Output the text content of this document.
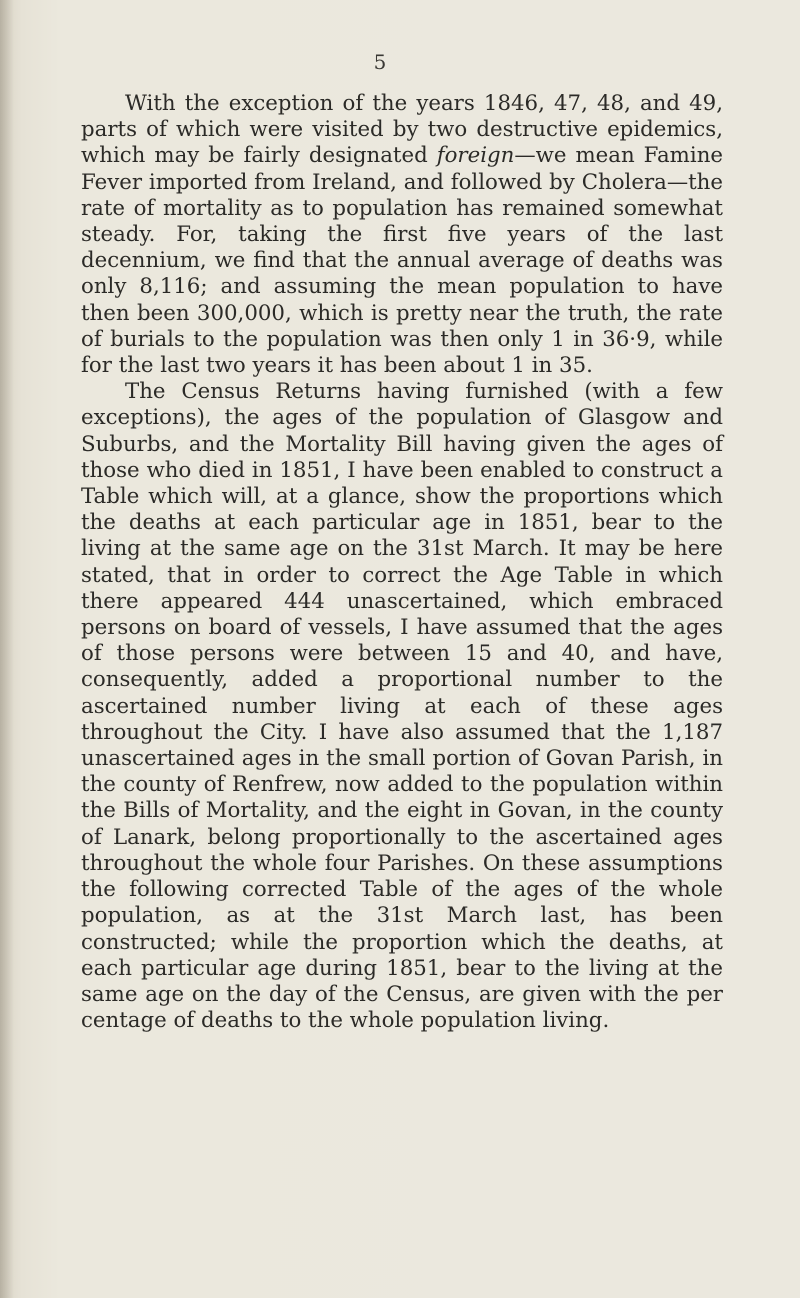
5

With the exception of the years 1846, 47, 48, and 49, parts of which were visited by two destructive epidemics, which may be fairly designated foreign—we mean Famine Fever imported from Ireland, and followed by Cholera—the rate of mortality as to population has remained somewhat steady. For, taking the first five years of the last decennium, we find that the annual average of deaths was only 8,116; and assuming the mean population to have then been 300,000, which is pretty near the truth, the rate of burials to the population was then only 1 in 36·9, while for the last two years it has been about 1 in 35.

The Census Returns having furnished (with a few exceptions), the ages of the population of Glasgow and Suburbs, and the Mortality Bill having given the ages of those who died in 1851, I have been enabled to construct a Table which will, at a glance, show the proportions which the deaths at each particular age in 1851, bear to the living at the same age on the 31st March. It may be here stated, that in order to correct the Age Table in which there appeared 444 unascertained, which embraced persons on board of vessels, I have assumed that the ages of those persons were between 15 and 40, and have, consequently, added a proportional number to the ascertained number living at each of these ages throughout the City. I have also assumed that the 1,187 unascertained ages in the small portion of Govan Parish, in the county of Renfrew, now added to the population within the Bills of Mortality, and the eight in Govan, in the county of Lanark, belong proportionally to the ascertained ages throughout the whole four Parishes. On these assumptions the following corrected Table of the ages of the whole population, as at the 31st March last, has been constructed; while the proportion which the deaths, at each particular age during 1851, bear to the living at the same age on the day of the Census, are given with the per centage of deaths to the whole population living.
